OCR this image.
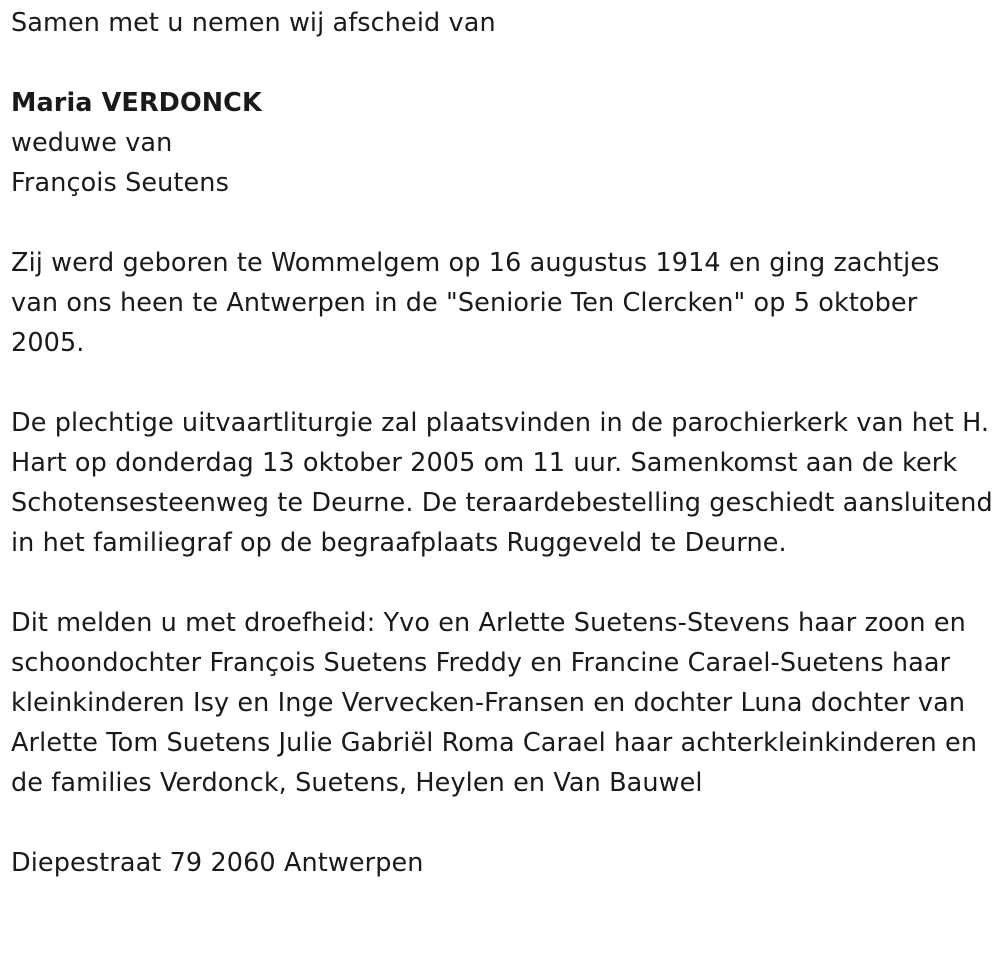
Samen met u nemen wij afscheid van

Maria VERDONCK

weduwe van

François Seutens

Zij werd geboren te Wommelgem op 16 augustus 1914 en ging zachtjes van ons heen te Antwerpen in de "Seniorie Ten Clercken" op 5 oktober 2005.

De plechtige uitvaartliturgie zal plaatsvinden in de parochierkerk van het H. Hart op donderdag 13 oktober 2005 om 11 uur. Samenkomst aan de kerk Schotensesteenweg te Deurne. De teraardebestelling geschiedt aansluitend in het familiegraf op de begraafplaats Ruggeveld te Deurne.

Dit melden u met droefheid: Yvo en Arlette Suetens-Stevens haar zoon en schoondochter François Suetens Freddy en Francine Carael-Suetens haar kleinkinderen Isy en Inge Vervecken-Fransen en dochter Luna dochter van Arlette Tom Suetens Julie Gabriël Roma Carael haar achterkleinkinderen en de families Verdonck, Suetens, Heylen en Van Bauwel

Diepestraat 79 2060 Antwerpen
